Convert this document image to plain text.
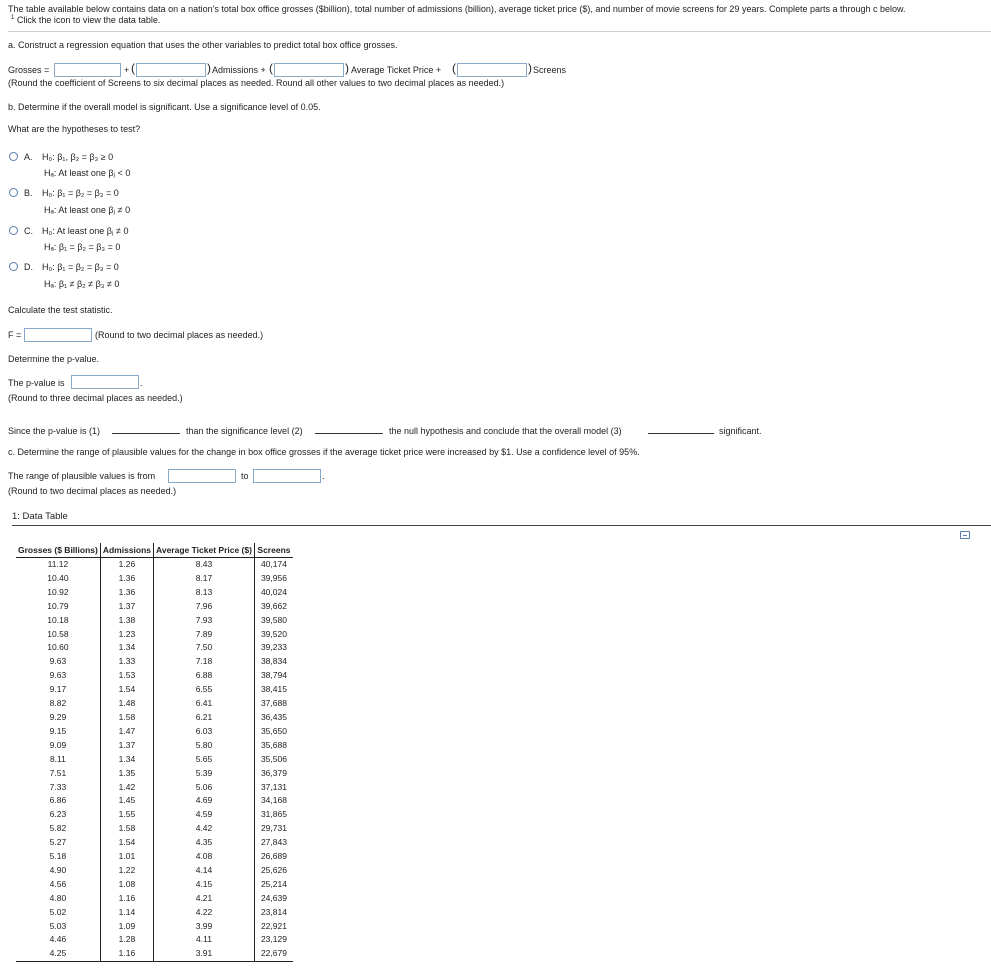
The table available below contains data on a nation's total box office grosses ($billion), total number of admissions (billion), average ticket price ($), and number of movie screens for 29 years. Complete parts a through c below.
$^1$ Click the icon to view the data table.
a. Construct a regression equation that uses the other variables to predict total box office grosses.
Grosses =	+ (	) Admissions + (	) Average Ticket Price + (	) Screens
(Round the coefficient of Screens to six decimal places as needed. Round all other values to two decimal places as needed.)
b. Determine if the overall model is significant. Use a significance level of 0.05.
What are the hypotheses to test?
A. H₀: β₁, β₂ = β₃ ≥ 0
Hₐ: At least one βⱼ < 0
B. H₀: β₁ = β₂ = β₃ = 0
Hₐ: At least one βⱼ ≠ 0
C. H₀: At least one βⱼ ≠ 0
Hₐ: β₁ = β₂ = β₃ = 0
D. H₀: β₁ = β₂ = β₃ = 0
Hₐ: β₁ ≠ β₂ ≠ β₃ ≠ 0
Calculate the test statistic.
F =	(Round to two decimal places as needed.)
Determine the p-value.
The p-value is	.
(Round to three decimal places as needed.)
Since the p-value is (1)	than the significance level (2)	the null hypothesis and conclude that the overall model (3)	significant.
c. Determine the range of plausible values for the change in box office grosses if the average ticket price were increased by $1. Use a confidence level of 95%.
The range of plausible values is from	to	.
(Round to two decimal places as needed.)
1: Data Table
Grosses ($ Billions)	Admissions	Average Ticket Price ($)	Screens
11.12	1.26	8.43	40,174
10.40	1.36	8.17	39,956
10.92	1.36	8.13	40,024
10.79	1.37	7.96	39,662
10.18	1.38	7.93	39,580
10.58	1.23	7.89	39,520
10.60	1.34	7.50	39,233
9.63	1.33	7.18	38,834
9.63	1.53	6.88	38,794
9.17	1.54	6.55	38,415
8.82	1.48	6.41	37,688
9.29	1.58	6.21	36,435
9.15	1.47	6.03	35,650
9.09	1.37	5.80	35,688
8.11	1.34	5.65	35,506
7.51	1.35	5.39	36,379
7.33	1.42	5.06	37,131
6.86	1.45	4.69	34,168
6.23	1.55	4.59	31,865
5.82	1.58	4.42	29,731
5.27	1.54	4.35	27,843
5.18	1.01	4.08	26,689
4.90	1.22	4.14	25,626
4.56	1.08	4.15	25,214
4.80	1.16	4.21	24,639
5.02	1.14	4.22	23,814
5.03	1.09	3.99	22,921
4.46	1.28	4.11	23,129
4.25	1.16	3.91	22,679
